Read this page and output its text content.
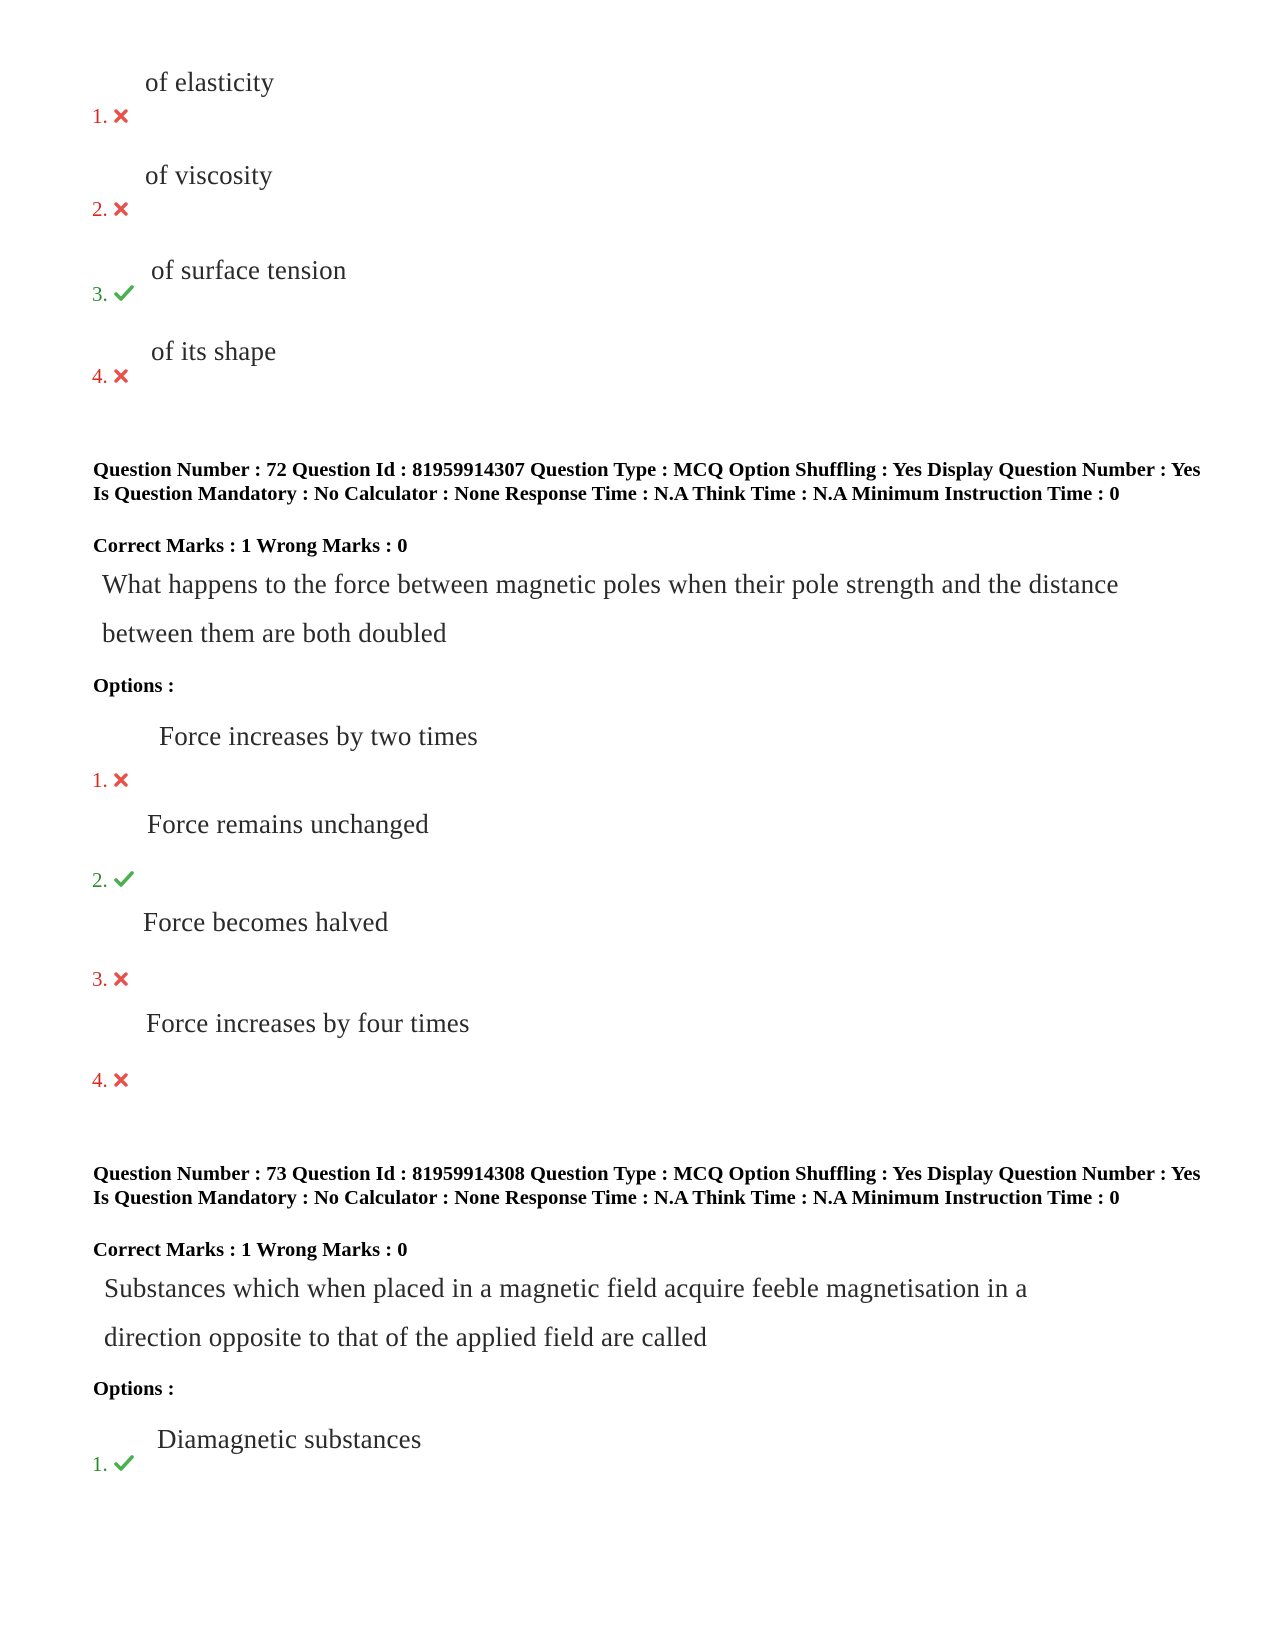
of elasticity
1.
of viscosity
2.
of surface tension
3.
of its shape
4.
Question Number : 72 Question Id : 81959914307 Question Type : MCQ Option Shuffling : Yes Display Question Number : Yes Is Question Mandatory : No Calculator : None Response Time : N.A Think Time : N.A Minimum Instruction Time : 0
Correct Marks : 1 Wrong Marks : 0
What happens to the force between magnetic poles when their pole strength and the distance
between them are both doubled
Options :
Force increases by two times
1.
Force remains unchanged
2.
Force becomes halved
3.
Force increases by four times
4.
Question Number : 73 Question Id : 81959914308 Question Type : MCQ Option Shuffling : Yes Display Question Number : Yes Is Question Mandatory : No Calculator : None Response Time : N.A Think Time : N.A Minimum Instruction Time : 0
Correct Marks : 1 Wrong Marks : 0
Substances which when placed in a magnetic field acquire feeble magnetisation in a
direction opposite to that of the applied field are called
Options :
Diamagnetic substances
1.
